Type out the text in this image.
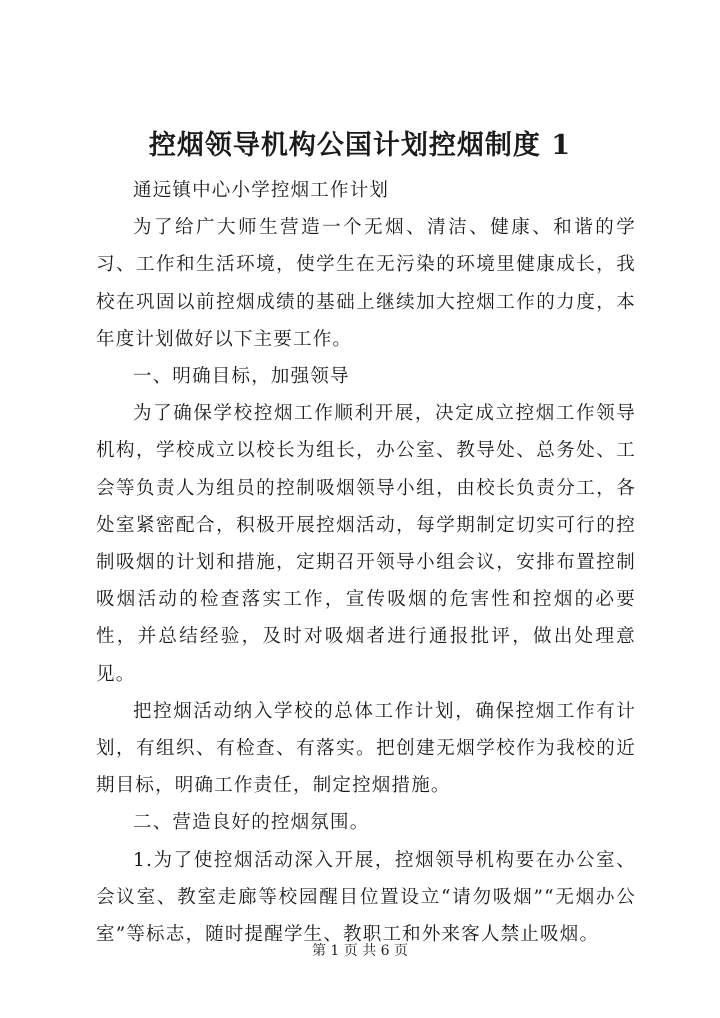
控烟领导机构公国计划控烟制度 1

通远镇中心小学控烟工作计划

为了给广大师生营造一个无烟、清洁、健康、和谐的学习、工作和生活环境，使学生在无污染的环境里健康成长，我校在巩固以前控烟成绩的基础上继续加大控烟工作的力度，本年度计划做好以下主要工作。

一、明确目标，加强领导

为了确保学校控烟工作顺利开展，决定成立控烟工作领导机构，学校成立以校长为组长，办公室、教导处、总务处、工会等负责人为组员的控制吸烟领导小组，由校长负责分工，各处室紧密配合，积极开展控烟活动，每学期制定切实可行的控制吸烟的计划和措施，定期召开领导小组会议，安排布置控制吸烟活动的检查落实工作，宣传吸烟的危害性和控烟的必要性，并总结经验，及时对吸烟者进行通报批评，做出处理意见。

把控烟活动纳入学校的总体工作计划，确保控烟工作有计划，有组织、有检查、有落实。把创建无烟学校作为我校的近期目标，明确工作责任，制定控烟措施。

二、营造良好的控烟氛围。

1.为了使控烟活动深入开展，控烟领导机构要在办公室、会议室、教室走廊等校园醒目位置设立“请勿吸烟”“无烟办公室”等标志，随时提醒学生、教职工和外来客人禁止吸烟。

第 1 页 共 6 页
